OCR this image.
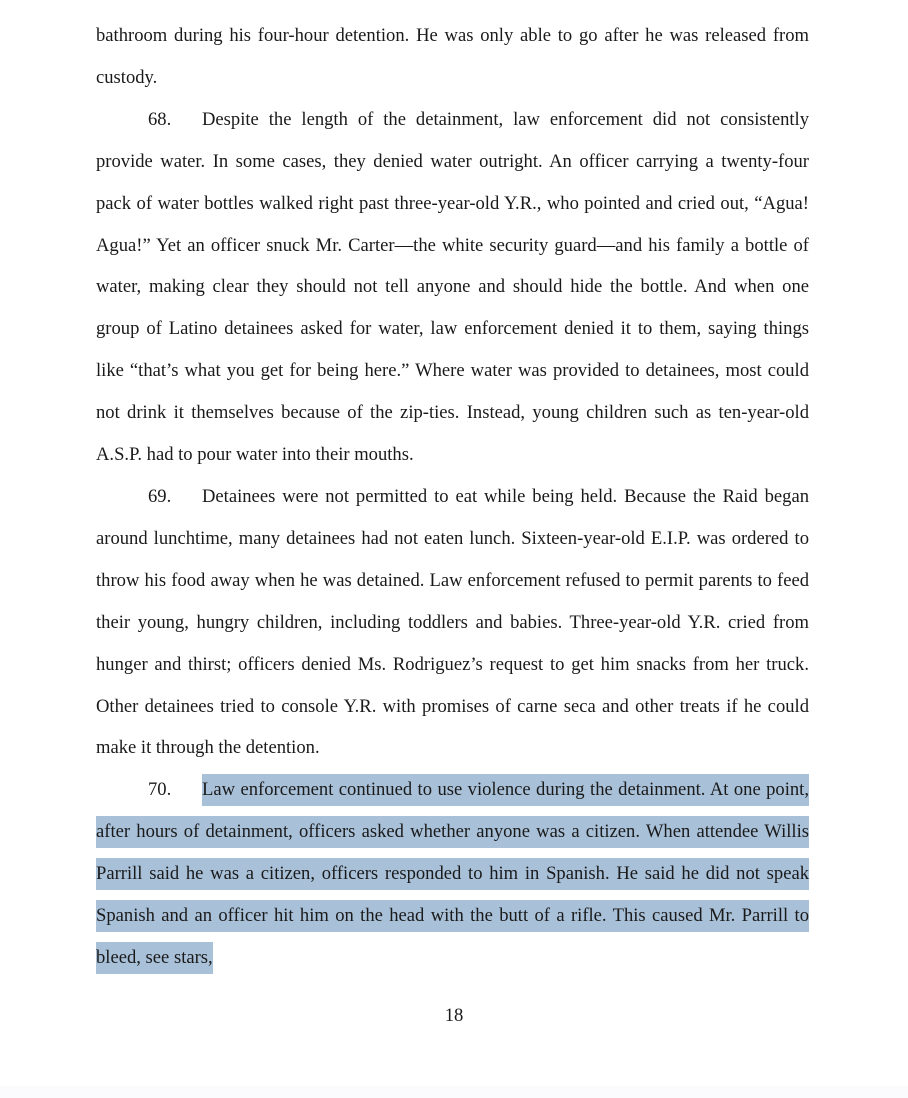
bathroom during his four-hour detention. He was only able to go after he was released from custody.

68. Despite the length of the detainment, law enforcement did not consistently provide water. In some cases, they denied water outright. An officer carrying a twenty-four pack of water bottles walked right past three-year-old Y.R., who pointed and cried out, “Agua! Agua!” Yet an officer snuck Mr. Carter—the white security guard—and his family a bottle of water, making clear they should not tell anyone and should hide the bottle. And when one group of Latino detainees asked for water, law enforcement denied it to them, saying things like “that’s what you get for being here.” Where water was provided to detainees, most could not drink it themselves because of the zip-ties. Instead, young children such as ten-year-old A.S.P. had to pour water into their mouths.

69. Detainees were not permitted to eat while being held. Because the Raid began around lunchtime, many detainees had not eaten lunch. Sixteen-year-old E.I.P. was ordered to throw his food away when he was detained. Law enforcement refused to permit parents to feed their young, hungry children, including toddlers and babies. Three-year-old Y.R. cried from hunger and thirst; officers denied Ms. Rodriguez’s request to get him snacks from her truck. Other detainees tried to console Y.R. with promises of carne seca and other treats if he could make it through the detention.

70. Law enforcement continued to use violence during the detainment. At one point, after hours of detainment, officers asked whether anyone was a citizen. When attendee Willis Parrill said he was a citizen, officers responded to him in Spanish. He said he did not speak Spanish and an officer hit him on the head with the butt of a rifle. This caused Mr. Parrill to bleed, see stars,

18
